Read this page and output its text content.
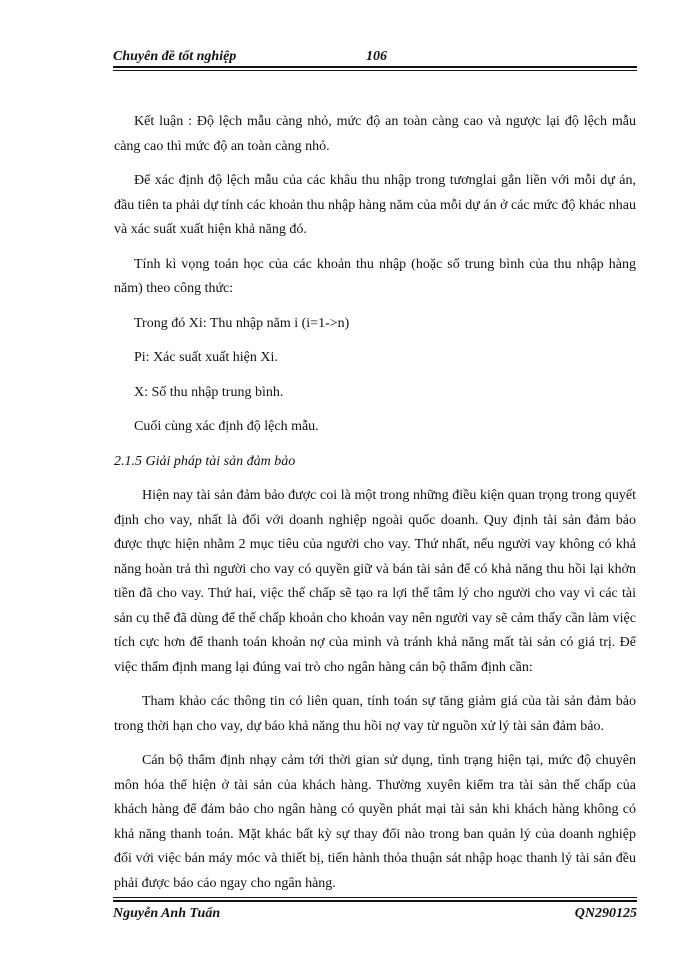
Chuyên đề tốt nghiệp	106

Kết luận : Độ lệch mẫu càng nhỏ, mức độ an toàn càng cao và ngược lại độ lệch mẫu càng cao thì mức độ an toàn càng nhỏ.

Để xác định độ lệch mẫu của các khâu thu nhập trong tươnglai gắn liền với mỗi dự án, đầu tiên ta phải dự tính các khoản thu nhập hàng năm của mỗi dự án ở các mức độ khác nhau và xác suất xuất hiện khả năng đó.

Tính kì vọng toán học của các khoản thu nhập (hoặc số trung bình của thu nhập hàng năm) theo công thức:

Trong đó Xi: Thu nhập năm i (i=1->n)

Pi: Xác suất xuất hiện Xi.

X: Số thu nhập trung bình.

Cuối cùng xác định độ lệch mẫu.

2.1.5 Giải pháp tài sản đảm bảo

Hiện nay tài sản đảm bảo được coi là một trong những điều kiện quan trọng trong quyết định cho vay, nhất là đối với doanh nghiệp ngoài quốc doanh. Quy định tài sản đảm bảo được thực hiện nhằm 2 mục tiêu của người cho vay. Thứ nhất, nếu người vay không có khả năng hoàn trả thì người cho vay có quyền giữ và bán tài sản để có khả năng thu hồi lại khởn tiền đã cho vay. Thứ hai, việc thế chấp sẽ tạo ra lợi thế tâm lý cho người cho vay vì các tài sản cụ thể đã dùng để thế chấp khoản cho khoản vay nên người vay sẽ cảm thấy cần làm việc tích cực hơn để thanh toán khoản nợ của mình và tránh khả năng mất tài sản có giá trị. Để việc thẩm định mang lại đúng vai trò cho ngân hàng cán bộ thẩm định cần:

Tham khảo các thông tin có liên quan, tính toán sự tăng giảm giá của tài sản đảm bảo trong thời hạn cho vay, dự báo khả năng thu hồi nợ vay từ nguồn xử lý tài sản đảm bảo.

Cán bộ thẩm định nhạy cảm tới thời gian sử dụng, tình trạng hiện tại, mức độ chuyên môn hóa thể hiện ở tài sản của khách hàng. Thường xuyên kiểm tra tài sản thế chấp của khách hàng để đảm bảo cho ngân hàng có quyền phát mại tài sản khi khách hàng không có khả năng thanh toán. Mặt khác bất kỳ sự thay đổi nào trong ban quản lý của doanh nghiệp đối với việc bán máy móc và thiết bị, tiến hành thỏa thuận sát nhập hoạc thanh lý tài sản đều phải được báo cáo ngay cho ngân hàng.

Nguyễn Anh Tuấn	QN290125
